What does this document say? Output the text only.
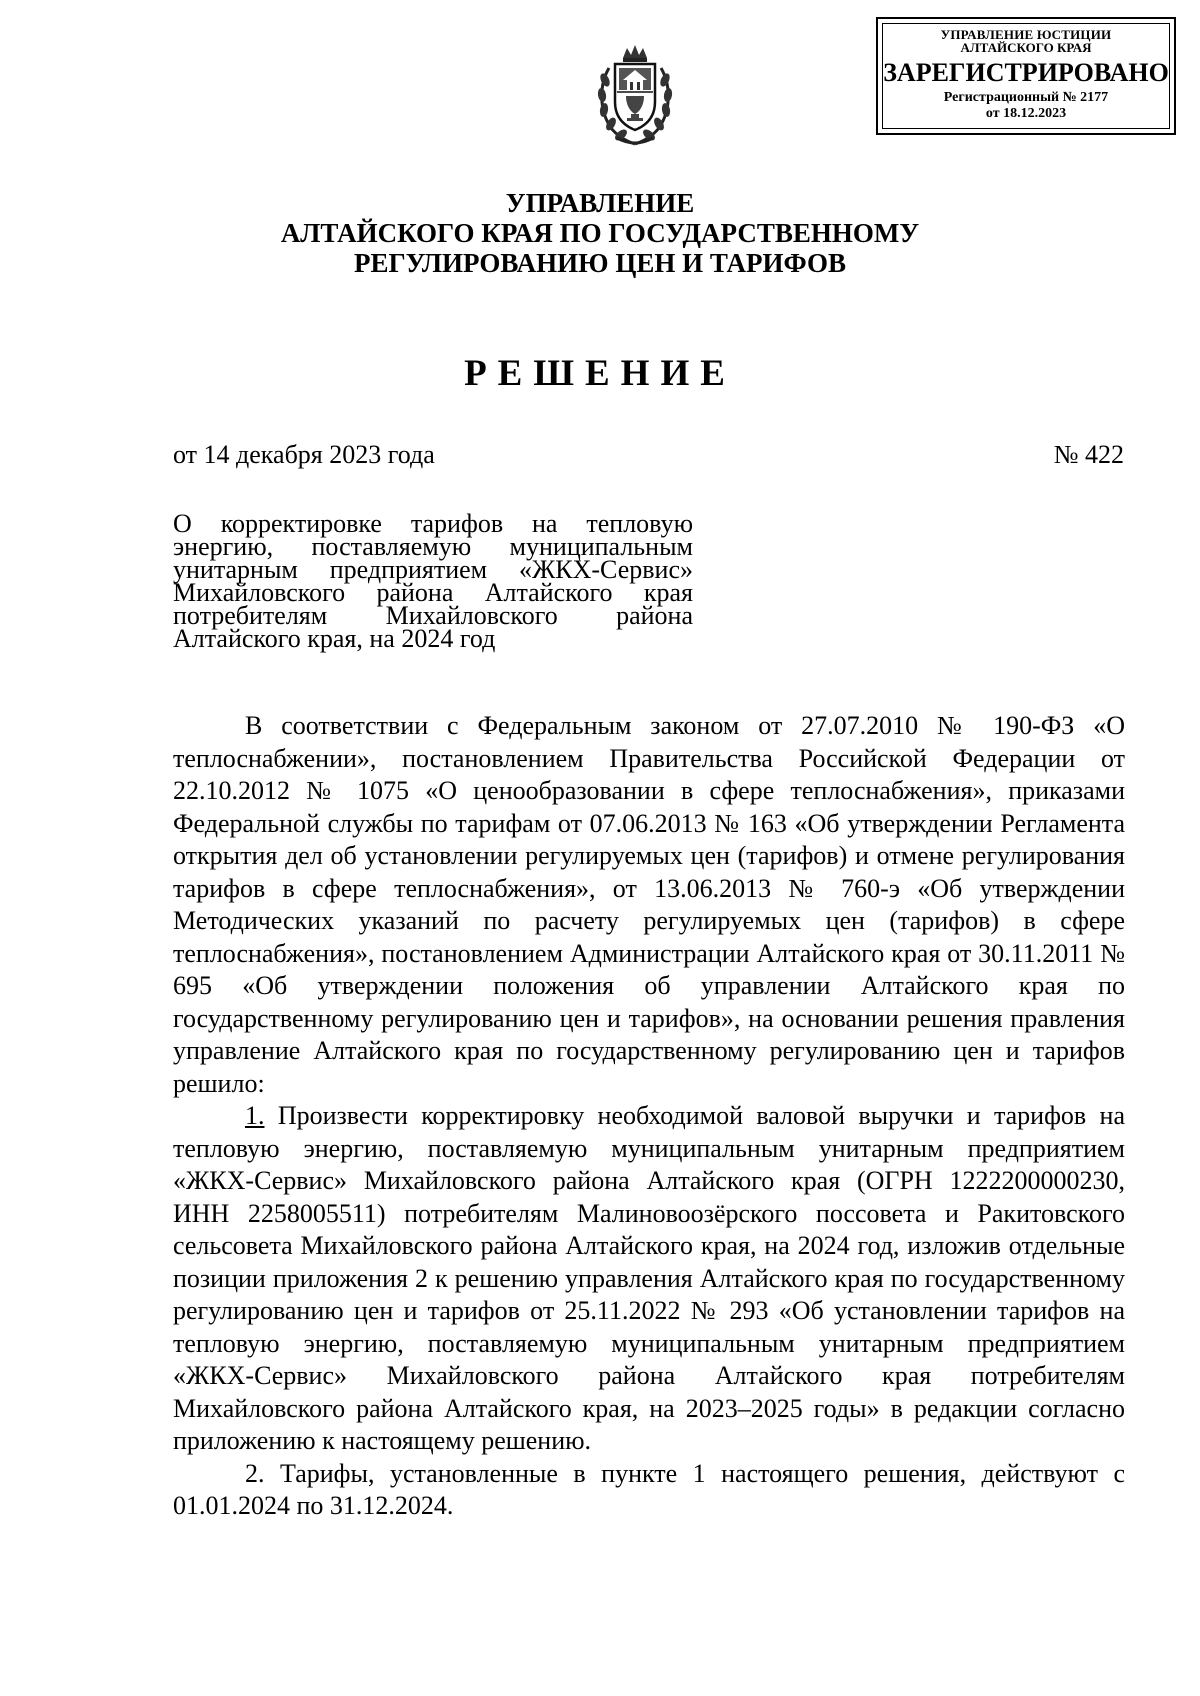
УПРАВЛЕНИЕ ЮСТИЦИИ
АЛТАЙСКОГО КРАЯ
ЗАРЕГИСТРИРОВАНО
Регистрационный № 2177
от 18.12.2023
УПРАВЛЕНИЕ
АЛТАЙСКОГО КРАЯ ПО ГОСУДАРСТВЕННОМУ
РЕГУЛИРОВАНИЮ ЦЕН И ТАРИФОВ
РЕШЕНИЕ
от 14 декабря 2023 года	№ 422
О корректировке тарифов на тепловую энергию, поставляемую муниципальным унитарным предприятием «ЖКХ-Сервис» Михайловского района Алтайского края потребителям Михайловского района Алтайского края, на 2024 год

В соответствии с Федеральным законом от 27.07.2010 № 190-ФЗ «О теплоснабжении», постановлением Правительства Российской Федерации от 22.10.2012 № 1075 «О ценообразовании в сфере теплоснабжения», приказами Федеральной службы по тарифам от 07.06.2013 № 163 «Об утверждении Регламента открытия дел об установлении регулируемых цен (тарифов) и отмене регулирования тарифов в сфере теплоснабжения», от 13.06.2013 № 760-э «Об утверждении Методических указаний по расчету регулируемых цен (тарифов) в сфере теплоснабжения», постановлением Администрации Алтайского края от 30.11.2011 № 695 «Об утверждении положения об управлении Алтайского края по государственному регулированию цен и тарифов», на основании решения правления управление Алтайского края по государственному регулированию цен и тарифов решило:

1. Произвести корректировку необходимой валовой выручки и тарифов на тепловую энергию, поставляемую муниципальным унитарным предприятием «ЖКХ-Сервис» Михайловского района Алтайского края (ОГРН 1222200000230, ИНН 2258005511) потребителям Малиновоозёрского поссовета и Ракитовского сельсовета Михайловского района Алтайского края, на 2024 год, изложив отдельные позиции приложения 2 к решению управления Алтайского края по государственному регулированию цен и тарифов от 25.11.2022 № 293 «Об установлении тарифов на тепловую энергию, поставляемую муниципальным унитарным предприятием «ЖКХ-Сервис» Михайловского района Алтайского края потребителям Михайловского района Алтайского края, на 2023–2025 годы» в редакции согласно приложению к настоящему решению.

2. Тарифы, установленные в пункте 1 настоящего решения, действуют с 01.01.2024 по 31.12.2024.
